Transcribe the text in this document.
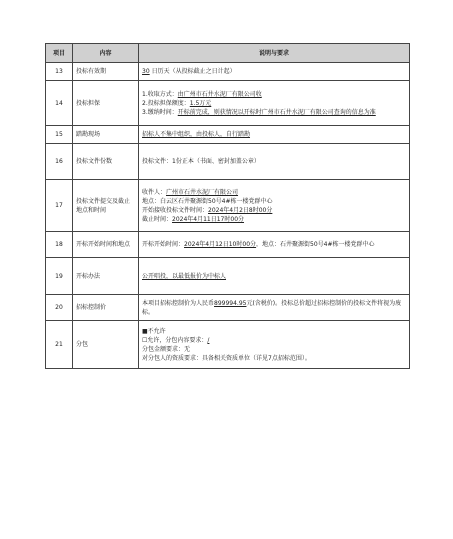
项目	内容	说明与要求
13	投标有效期	30 日历天（从投标截止之日计起）
14	投标担保	1.收取方式：由广州市石井水泥厂有限公司收
2.投标担保额度：1.5万元
3.缴纳时间：开标前完成，则获情况以开标时广州市石井水泥厂有限公司查询的信息为准

15	踏勘现场	招标人不集中组织，由投标人，自行踏勘
16	投标文件份数	投标文件：1份正本（书面、密封加盖公章）
17	投标文件提交及截止地点和时间	收件人：广州市石井水泥厂有限公司
地点：白云区石井聚源街50号4#栋一楼党群中心
开始接收投标文件时间：2024年4月2日8时00分
截止时间：2024年4月11日17时00分

18	开标开始时间和地点	开标开始时间：2024年4月12日10时00分，地点：石井聚源街50号4#栋一楼党群中心

19	开标办法	公开唱投，以最低报价为中标人
20	招标控制价	本项目招标控制价为人民币899994.95元(含税价)。投标总价超过招标控制价的投标文件将视为废标。

21	分包	■不允许
☐允许，分包内容要求：/
分包金额要求：无
对分包人的资质要求：具备相关资质单位（详见7点招标范围）。
